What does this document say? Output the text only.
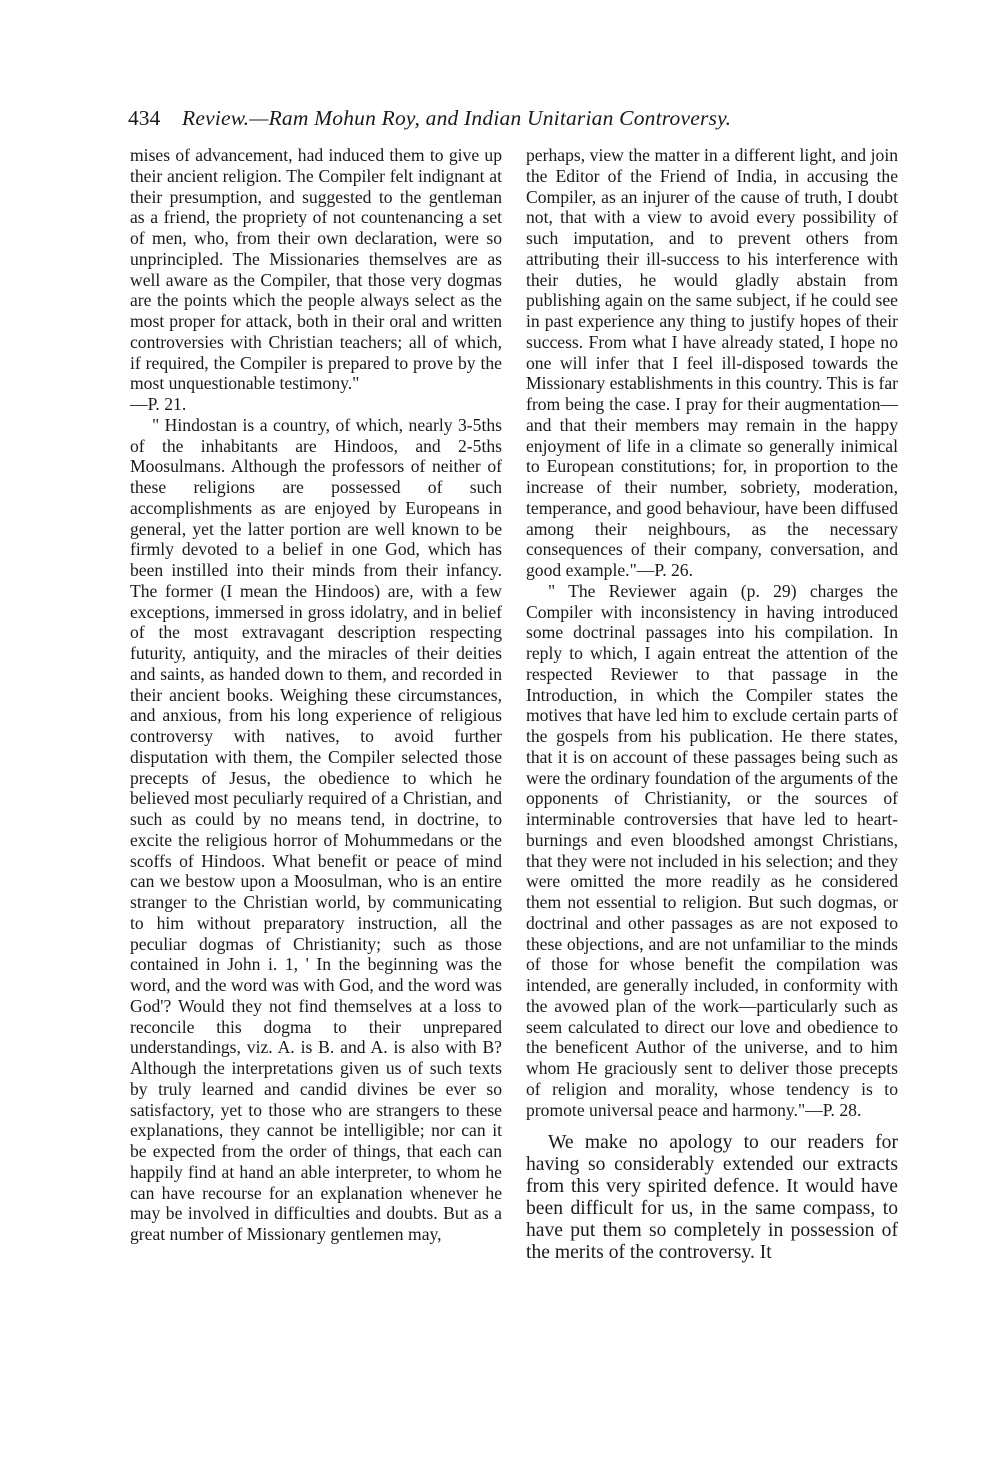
434 Review.—Ram Mohun Roy, and Indian Unitarian Controversy.

mises of advancement, had induced them to give up their ancient religion. The Compiler felt indignant at their presumption, and suggested to the gentleman as a friend, the propriety of not countenancing a set of men, who, from their own declaration, were so unprincipled. The Missionaries themselves are as well aware as the Compiler, that those very dogmas are the points which the people always select as the most proper for attack, both in their oral and written controversies with Christian teachers; all of which, if required, the Compiler is prepared to prove by the most unquestionable testimony."

—P. 21.

" Hindostan is a country, of which, nearly 3-5ths of the inhabitants are Hindoos, and 2-5ths Moosulmans. Although the professors of neither of these religions are possessed of such accomplishments as are enjoyed by Europeans in general, yet the latter portion are well known to be firmly devoted to a belief in one God, which has been instilled into their minds from their infancy. The former (I mean the Hindoos) are, with a few exceptions, immersed in gross idolatry, and in belief of the most extravagant description respecting futurity, antiquity, and the miracles of their deities and saints, as handed down to them, and recorded in their ancient books. Weighing these circumstances, and anxious, from his long experience of religious controversy with natives, to avoid further disputation with them, the Compiler selected those precepts of Jesus, the obedience to which he believed most peculiarly required of a Christian, and such as could by no means tend, in doctrine, to excite the religious horror of Mohummedans or the scoffs of Hindoos. What benefit or peace of mind can we bestow upon a Moosulman, who is an entire stranger to the Christian world, by communicating to him without preparatory instruction, all the peculiar dogmas of Christianity; such as those contained in John i. 1, ' In the beginning was the word, and the word was with God, and the word was God'? Would they not find themselves at a loss to reconcile this dogma to their unprepared understandings, viz. A. is B. and A. is also with B? Although the interpretations given us of such texts by truly learned and candid divines be ever so satisfactory, yet to those who are strangers to these explanations, they cannot be intelligible; nor can it be expected from the order of things, that each can happily find at hand an able interpreter, to whom he can have recourse for an explanation whenever he may be involved in difficulties and doubts. But as a great number of Missionary gentlemen may,

perhaps, view the matter in a different light, and join the Editor of the Friend of India, in accusing the Compiler, as an injurer of the cause of truth, I doubt not, that with a view to avoid every possibility of such imputation, and to prevent others from attributing their ill-success to his interference with their duties, he would gladly abstain from publishing again on the same subject, if he could see in past experience any thing to justify hopes of their success. From what I have already stated, I hope no one will infer that I feel ill-disposed towards the Missionary establishments in this country. This is far from being the case. I pray for their augmentation—and that their members may remain in the happy enjoyment of life in a climate so generally inimical to European constitutions; for, in proportion to the increase of their number, sobriety, moderation, temperance, and good behaviour, have been diffused among their neighbours, as the necessary consequences of their company, conversation, and good example."—P. 26.

" The Reviewer again (p. 29) charges the Compiler with inconsistency in having introduced some doctrinal passages into his compilation. In reply to which, I again entreat the attention of the respected Reviewer to that passage in the Introduction, in which the Compiler states the motives that have led him to exclude certain parts of the gospels from his publication. He there states, that it is on account of these passages being such as were the ordinary foundation of the arguments of the opponents of Christianity, or the sources of interminable controversies that have led to heart-burnings and even bloodshed amongst Christians, that they were not included in his selection; and they were omitted the more readily as he considered them not essential to religion. But such dogmas, or doctrinal and other passages as are not exposed to these objections, and are not unfamiliar to the minds of those for whose benefit the compilation was intended, are generally included, in conformity with the avowed plan of the work—particularly such as seem calculated to direct our love and obedience to the beneficent Author of the universe, and to him whom He graciously sent to deliver those precepts of religion and morality, whose tendency is to promote universal peace and harmony."—P. 28.

We make no apology to our readers for having so considerably extended our extracts from this very spirited defence. It would have been difficult for us, in the same compass, to have put them so completely in possession of the merits of the controversy. It
